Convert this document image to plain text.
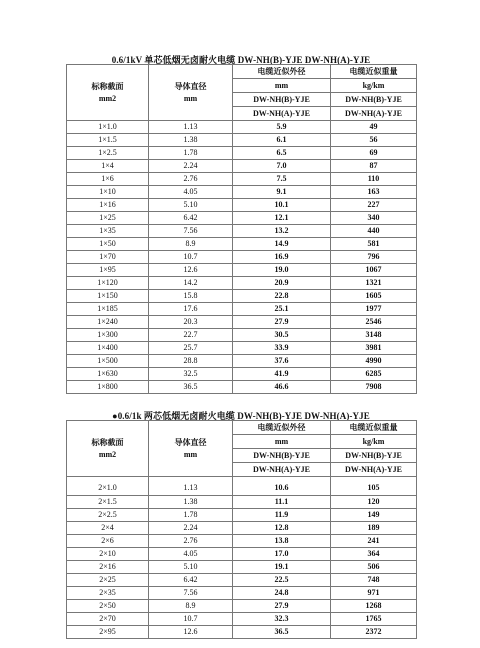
0.6/1kV 单芯低烟无卤耐火电缆 DW-NH(B)-YJE DW-NH(A)-YJE
标称截面	导体直径	电缆近似外径	电缆近似重量
		mm	kg/km
mm2	mm	DW-NH(B)-YJE	DW-NH(B)-YJE
		DW-NH(A)-YJE	DW-NH(A)-YJE
1×1.0	1.13	5.9	49
1×1.5	1.38	6.1	56
1×2.5	1.78	6.5	69
1×4	2.24	7.0	87
1×6	2.76	7.5	110
1×10	4.05	9.1	163
1×16	5.10	10.1	227
1×25	6.42	12.1	340
1×35	7.56	13.2	440
1×50	8.9	14.9	581
1×70	10.7	16.9	796
1×95	12.6	19.0	1067
1×120	14.2	20.9	1321
1×150	15.8	22.8	1605
1×185	17.6	25.1	1977
1×240	20.3	27.9	2546
1×300	22.7	30.5	3148
1×400	25.7	33.9	3981
1×500	28.8	37.6	4990
1×630	32.5	41.9	6285
1×800	36.5	46.6	7908
●0.6/1k 两芯低烟无卤耐火电缆 DW-NH(B)-YJE DW-NH(A)-YJE
标称截面	导体直径	电缆近似外径	电缆近似重量
		mm	kg/km
mm2	mm	DW-NH(B)-YJE	DW-NH(B)-YJE
		DW-NH(A)-YJE	DW-NH(A)-YJE
2×1.0	1.13	10.6	105
2×1.5	1.38	11.1	120
2×2.5	1.78	11.9	149
2×4	2.24	12.8	189
2×6	2.76	13.8	241
2×10	4.05	17.0	364
2×16	5.10	19.1	506
2×25	6.42	22.5	748
2×35	7.56	24.8	971
2×50	8.9	27.9	1268
2×70	10.7	32.3	1765
2×95	12.6	36.5	2372
